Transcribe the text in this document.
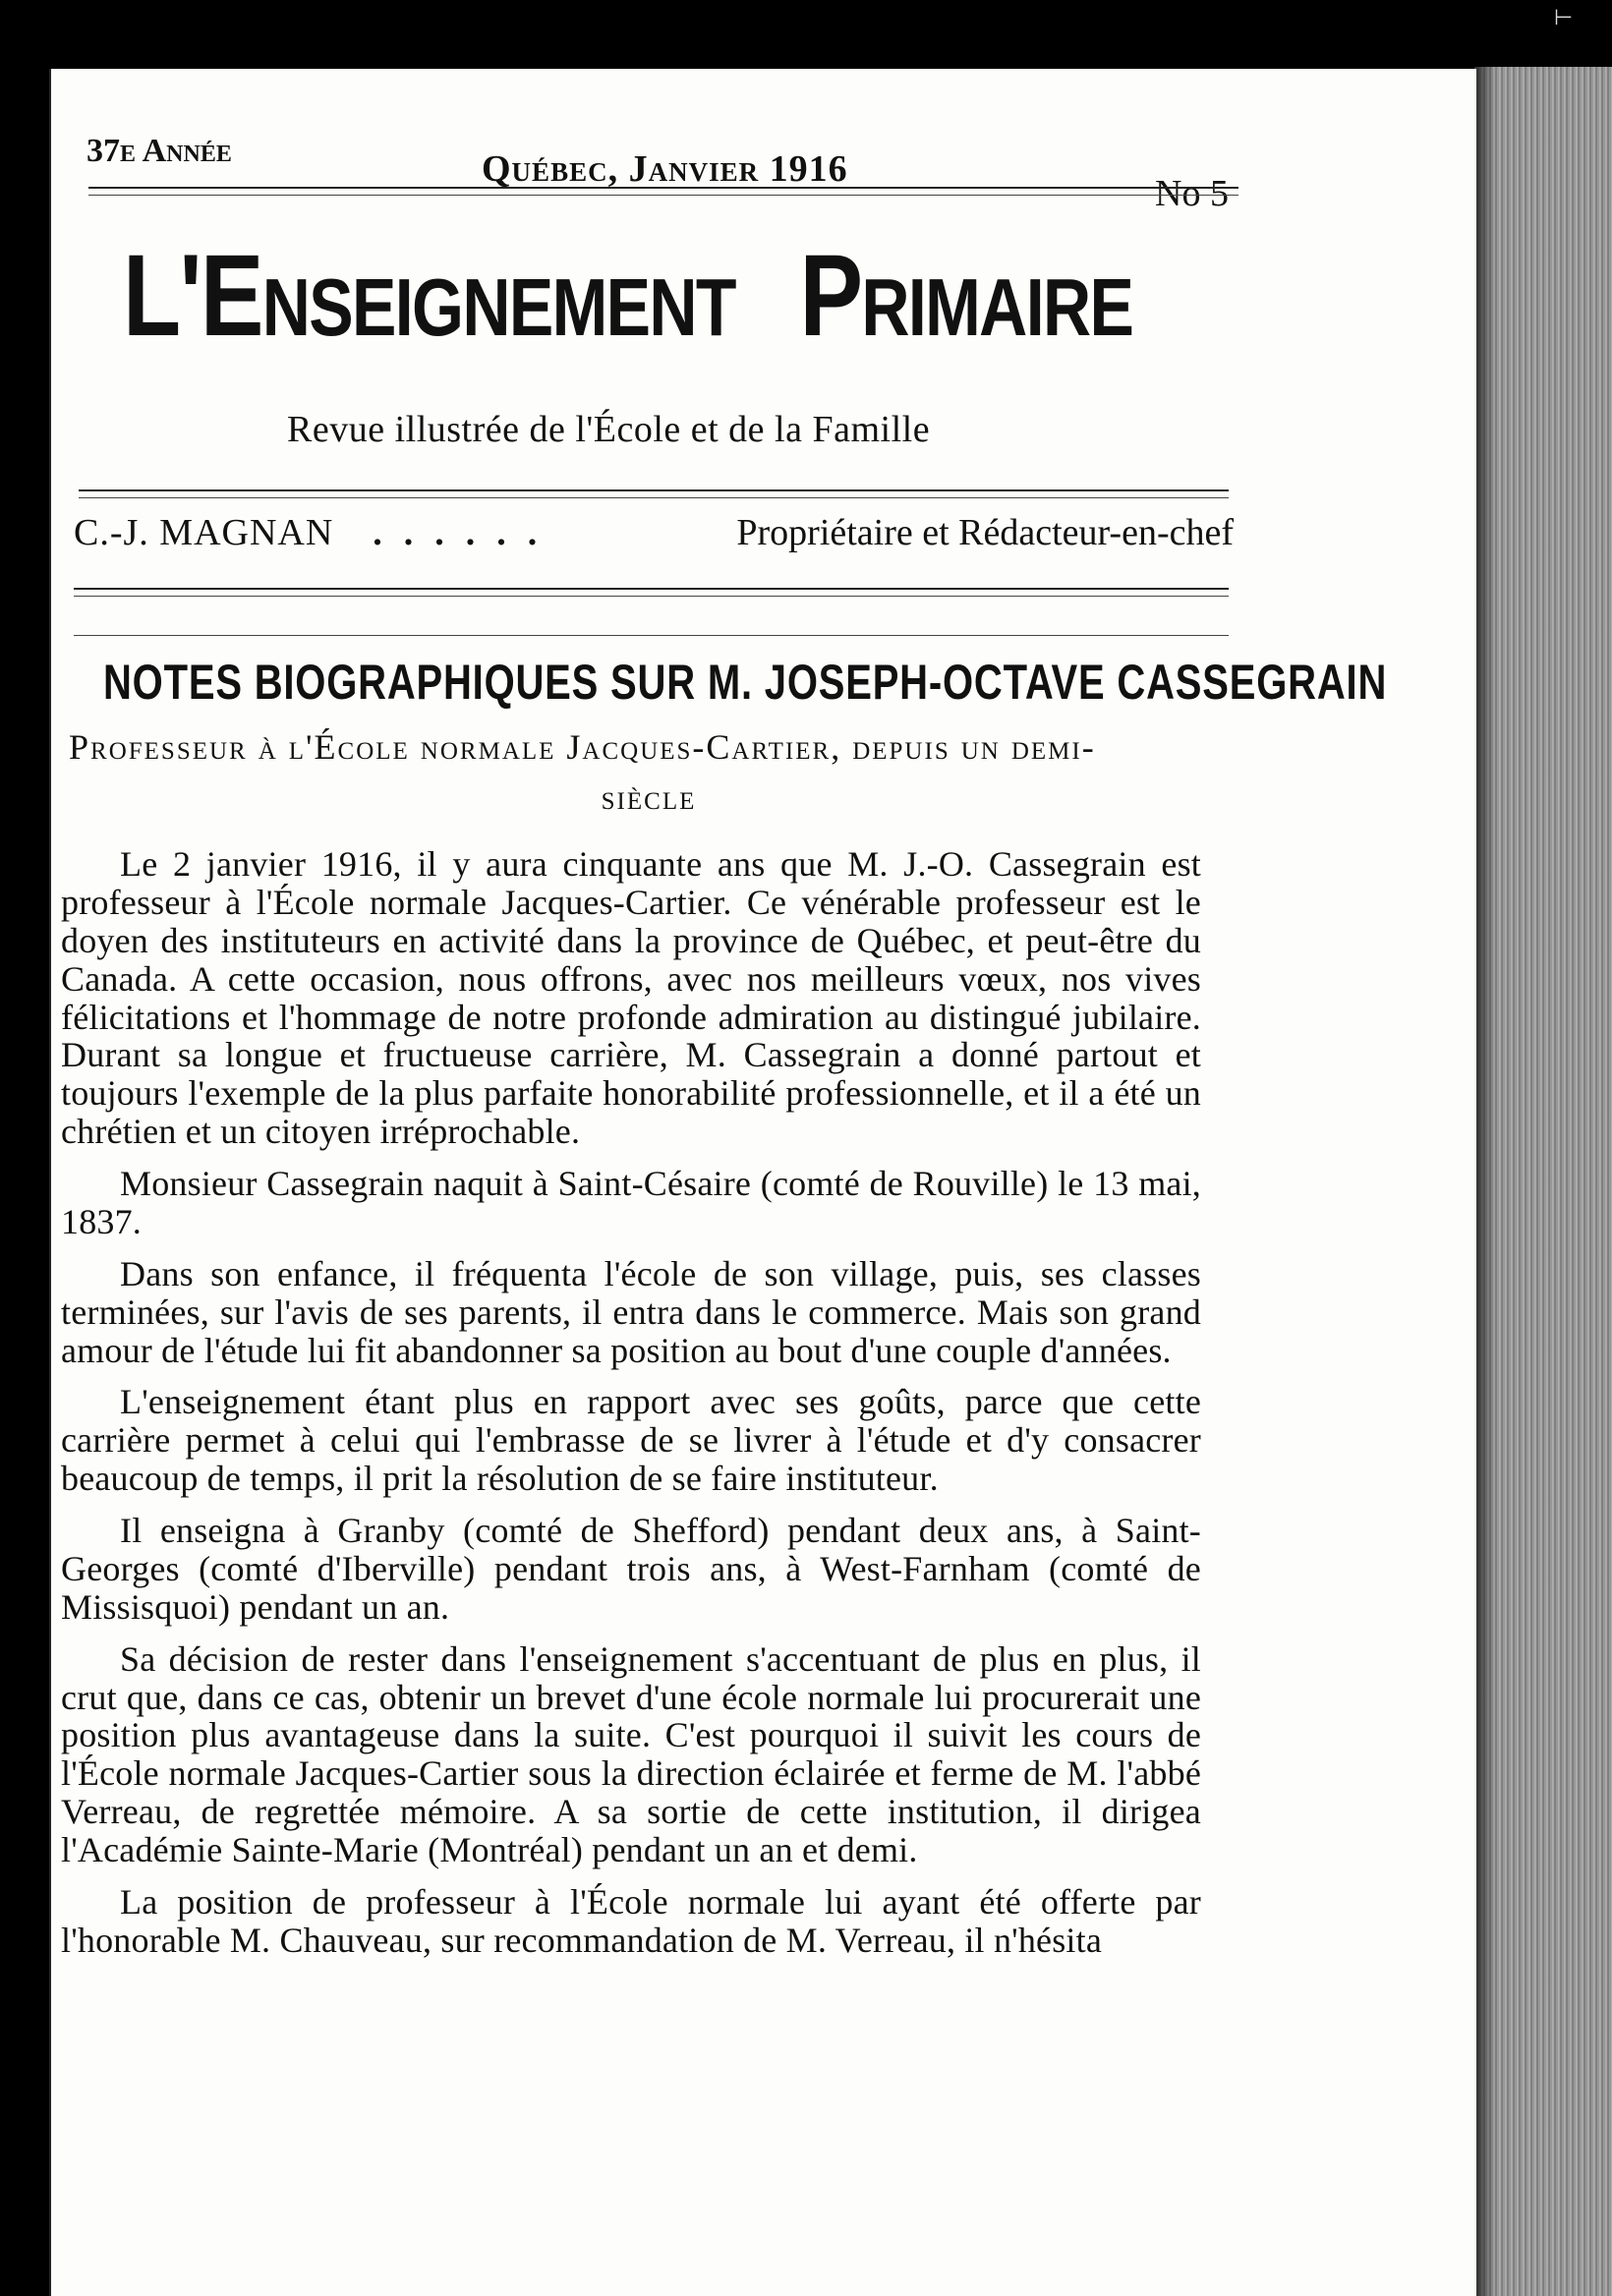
⊢
37e Année	Québec, Janvier 1916
No 5
L'Enseignement Primaire
Revue illustrée de l'École et de la Famille
C.-J. MAGNAN ......	Propriétaire et Rédacteur-en-chef
NOTES BIOGRAPHIQUES SUR M. JOSEPH-OCTAVE CASSEGRAIN
Professeur à l'École normale Jacques-Cartier, depuis un demi-
siècle

Le 2 janvier 1916, il y aura cinquante ans que M. J.-O. Cassegrain est professeur à l'École normale Jacques-Cartier. Ce vénérable professeur est le doyen des instituteurs en activité dans la province de Québec, et peut-être du Canada. A cette occasion, nous offrons, avec nos meilleurs vœux, nos vives félicitations et l'hommage de notre profonde admiration au distingué jubilaire. Durant sa longue et fructueuse carrière, M. Cassegrain a donné partout et toujours l'exemple de la plus parfaite honorabilité professionnelle, et il a été un chrétien et un citoyen irréprochable.

Monsieur Cassegrain naquit à Saint-Césaire (comté de Rouville) le 13 mai, 1837.

Dans son enfance, il fréquenta l'école de son village, puis, ses classes terminées, sur l'avis de ses parents, il entra dans le commerce. Mais son grand amour de l'étude lui fit abandonner sa position au bout d'une couple d'années.

L'enseignement étant plus en rapport avec ses goûts, parce que cette carrière permet à celui qui l'embrasse de se livrer à l'étude et d'y consacrer beaucoup de temps, il prit la résolution de se faire instituteur.

Il enseigna à Granby (comté de Shefford) pendant deux ans, à Saint-Georges (comté d'Iberville) pendant trois ans, à West-Farnham (comté de Missisquoi) pendant un an.

Sa décision de rester dans l'enseignement s'accentuant de plus en plus, il crut que, dans ce cas, obtenir un brevet d'une école normale lui procurerait une position plus avantageuse dans la suite. C'est pourquoi il suivit les cours de l'École normale Jacques-Cartier sous la direction éclairée et ferme de M. l'abbé Verreau, de regrettée mémoire. A sa sortie de cette institution, il dirigea l'Académie Sainte-Marie (Montréal) pendant un an et demi.

La position de professeur à l'École normale lui ayant été offerte par l'honorable M. Chauveau, sur recommandation de M. Verreau, il n'hésita
